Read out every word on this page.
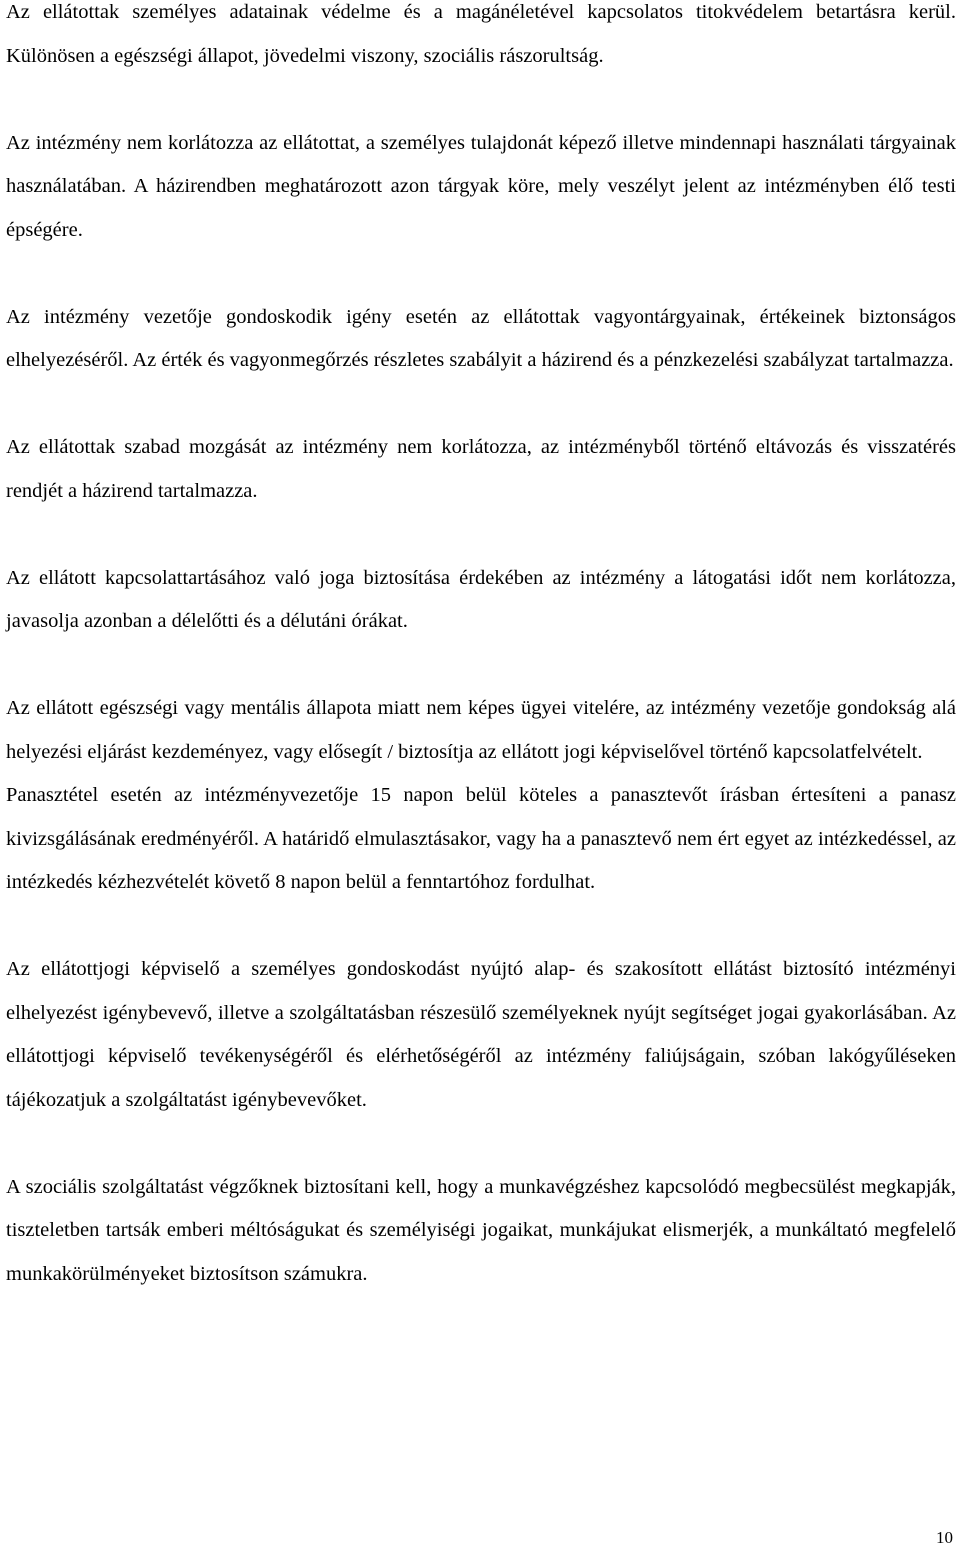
Az ellátottak személyes adatainak védelme és a magánéletével kapcsolatos titokvédelem betartásra kerül. Különösen a egészségi állapot, jövedelmi viszony, szociális rászorultság.

Az intézmény nem korlátozza az ellátottat, a személyes tulajdonát képező illetve mindennapi használati tárgyainak használatában. A házirendben meghatározott azon tárgyak köre, mely veszélyt jelent az intézményben élő testi épségére.

Az intézmény vezetője gondoskodik igény esetén az ellátottak vagyontárgyainak, értékeinek biztonságos elhelyezéséről. Az érték és vagyonmegőrzés részletes szabályit a házirend és a pénzkezelési szabályzat tartalmazza.

Az ellátottak szabad mozgását az intézmény nem korlátozza, az intézményből történő eltávozás és visszatérés rendjét a házirend tartalmazza.

Az ellátott kapcsolattartásához való joga biztosítása érdekében az intézmény a látogatási időt nem korlátozza, javasolja azonban a délelőtti és a délutáni órákat.

Az ellátott egészségi vagy mentális állapota miatt nem képes ügyei vitelére, az intézmény vezetője gondokság alá helyezési eljárást kezdeményez, vagy elősegít / biztosítja az ellátott jogi képviselővel történő kapcsolatfelvételt.

Panasztétel esetén az intézményvezetője 15 napon belül köteles a panasztevőt írásban értesíteni a panasz kivizsgálásának eredményéről. A határidő elmulasztásakor, vagy ha a panasztevő nem ért egyet az intézkedéssel, az intézkedés kézhezvételét követő 8 napon belül a fenntartóhoz fordulhat.

Az ellátottjogi képviselő a személyes gondoskodást nyújtó alap- és szakosított ellátást biztosító intézményi elhelyezést igénybevevő, illetve a szolgáltatásban részesülő személyeknek nyújt segítséget jogai gyakorlásában. Az ellátottjogi képviselő tevékenységéről és elérhetőségéről az intézmény faliújságain, szóban lakógyűléseken tájékozatjuk a szolgáltatást igénybevevőket.

A szociális szolgáltatást végzőknek biztosítani kell, hogy a munkavégzéshez kapcsolódó megbecsülést megkapják, tiszteletben tartsák emberi méltóságukat és személyiségi jogaikat, munkájukat elismerjék, a munkáltató megfelelő munkakörülményeket biztosítson számukra.

10
